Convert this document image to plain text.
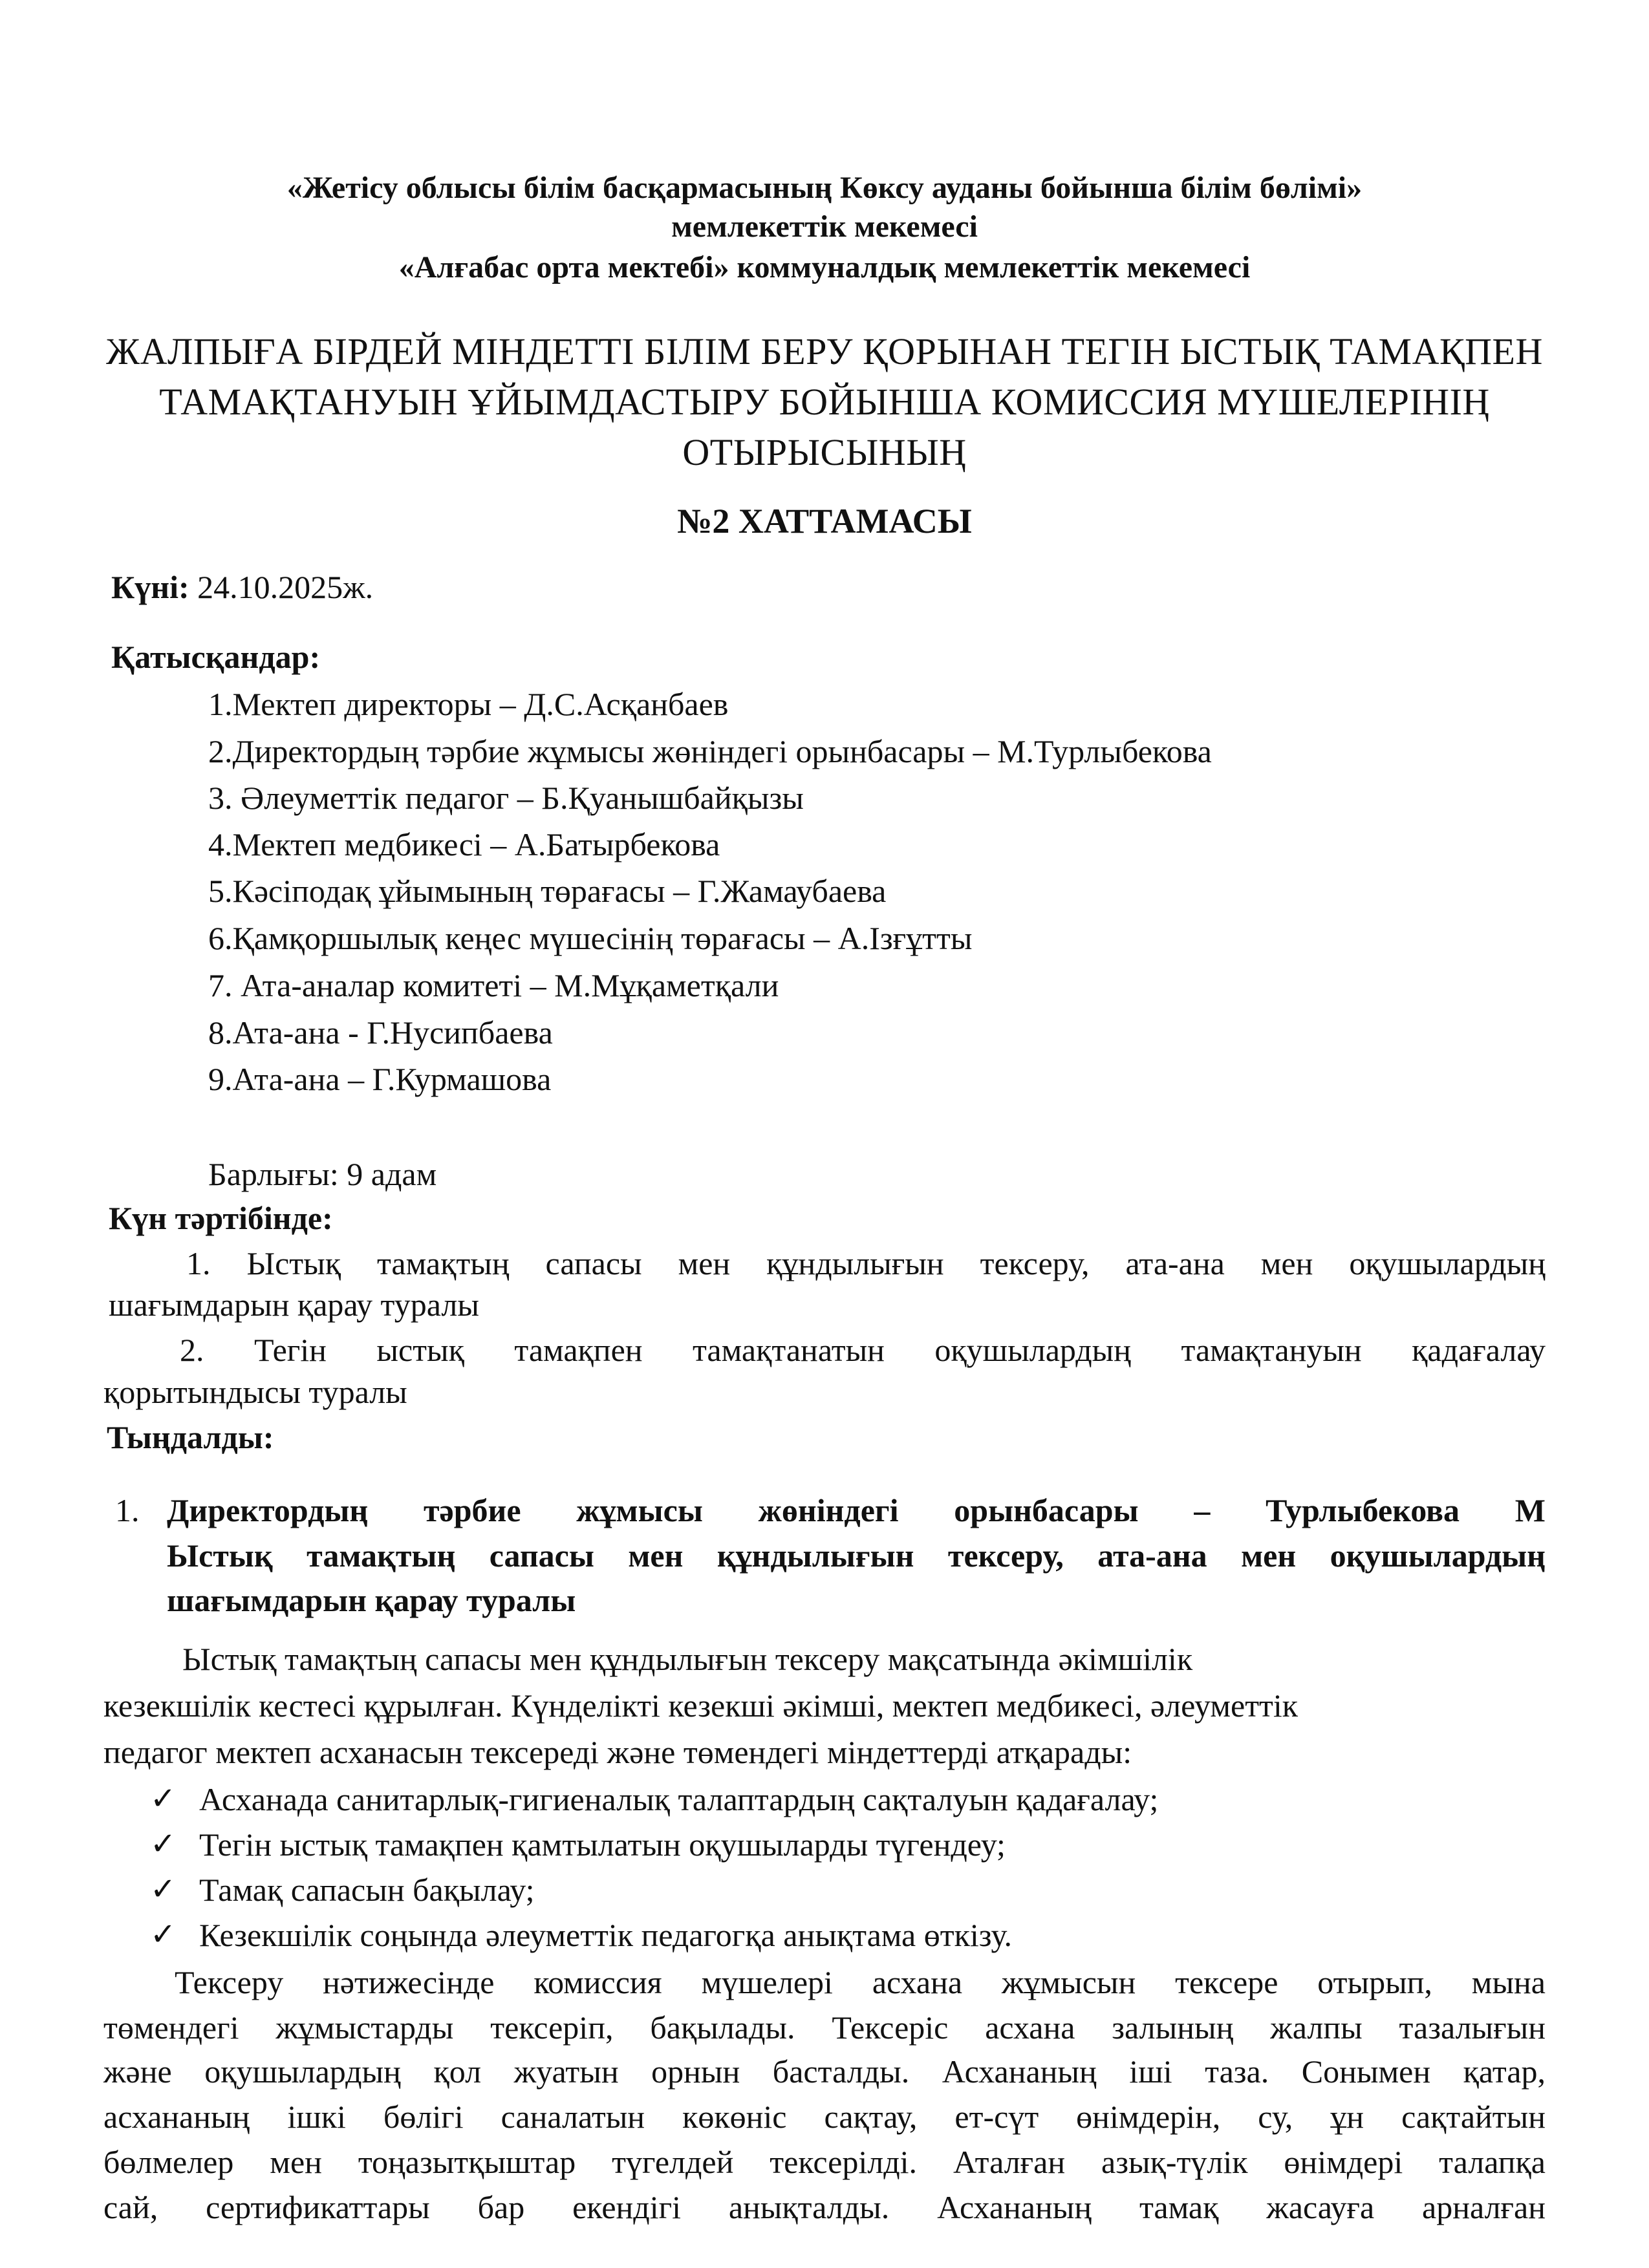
«Жетісу облысы білім басқармасының Көксу ауданы бойынша білім бөлімі»
мемлекеттік мекемесі
«Алғабас орта мектебі» коммуналдық мемлекеттік мекемесі
ЖАЛПЫҒА БІРДЕЙ МІНДЕТТІ БІЛІМ БЕРУ ҚОРЫНАН ТЕГІН ЫСТЫҚ ТАМАҚПЕН
ТАМАҚТАНУЫН ҰЙЫМДАСТЫРУ БОЙЫНША КОМИССИЯ МҮШЕЛЕРІНІҢ
ОТЫРЫСЫНЫҢ
№2 ХАТТАМАСЫ
Күні: 24.10.2025ж.
Қатысқандар:
1.Мектеп директоры – Д.С.Асқанбаев
2.Директордың тәрбие жұмысы жөніндегі орынбасары – М.Турлыбекова
3. Әлеуметтік педагог – Б.Қуанышбайқызы
4.Мектеп медбикесі – А.Батырбекова
5.Кәсіподақ ұйымының төрағасы – Г.Жамаубаева
6.Қамқоршылық кеңес мүшесінің төрағасы – А.Ізғұтты
7. Ата-аналар комитеті – М.Мұқаметқали
8.Ата-ана - Г.Нусипбаева
9.Ата-ана – Г.Курмашова
Барлығы: 9 адам
Күн тәртібінде:
1. Ыстық тамақтың сапасы мен құндылығын тексеру, ата-ана мен оқушылардың
шағымдарын қарау туралы
2. Тегін ыстық тамақпен тамақтанатын оқушылардың тамақтануын қадағалау
қорытындысы туралы
Тыңдалды:
1. Директордың тәрбие жұмысы жөніндегі орынбасары – Турлыбекова М
Ыстық тамақтың сапасы мен құндылығын тексеру, ата-ана мен оқушылардың
шағымдарын қарау туралы
Ыстық тамақтың сапасы мен құндылығын тексеру мақсатында әкімшілік
кезекшілік кестесі құрылған. Күнделікті кезекші әкімші, мектеп медбикесі, әлеуметтік
педагог мектеп асханасын тексереді және төмендегі міндеттерді атқарады:
✓ Асханада санитарлық-гигиеналық талаптардың сақталуын қадағалау;
✓ Тегін ыстық тамақпен қамтылатын оқушыларды түгендеу;
✓ Тамақ сапасын бақылау;
✓ Кезекшілік соңында әлеуметтік педагогқа анықтама өткізу.
Тексеру нәтижесінде комиссия мүшелері асхана жұмысын тексере отырып, мына
төмендегі жұмыстарды тексеріп, бақылады. Тексеріс асхана залының жалпы тазалығын
және оқушылардың қол жуатын орнын басталды. Асхананың іші таза. Сонымен қатар,
асхананың ішкі бөлігі саналатын көкөніс сақтау, ет-сүт өнімдерін, су, ұн сақтайтын
бөлмелер мен тоңазытқыштар түгелдей тексерілді. Аталған азық-түлік өнімдері талапқа
сай, сертификаттары бар екендігі анықталды. Асхананың тамақ жасауға арналған
